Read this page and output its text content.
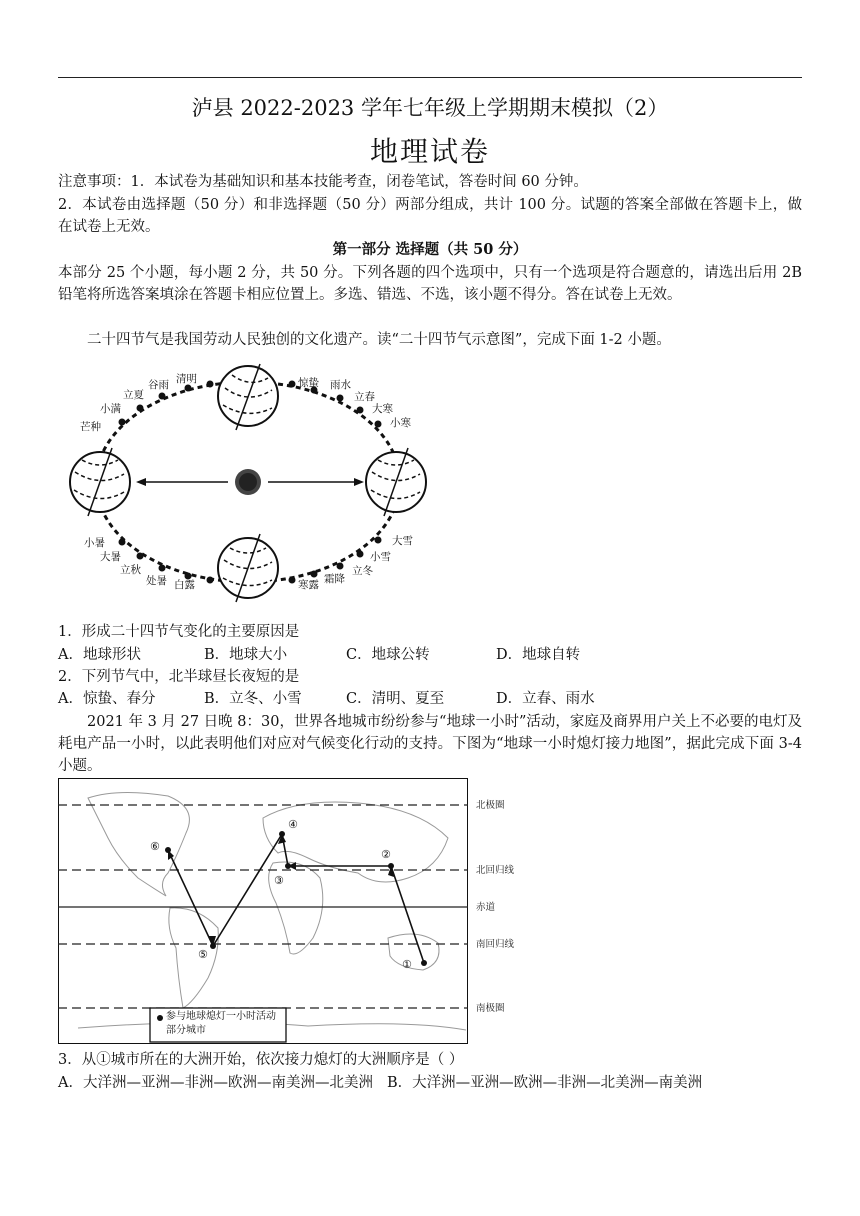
泸县 2022-2023 学年七年级上学期期末模拟（2）
地理试卷
注意事项：1．本试卷为基础知识和基本技能考查，闭卷笔试，答卷时间 60 分钟。
2．本试卷由选择题（50 分）和非选择题（50 分）两部分组成，共计 100 分。试题的答案全部做在答题卡上，做在试卷上无效。
第一部分 选择题（共 50 分）
本部分 25 个小题，每小题 2 分，共 50 分。下列各题的四个选项中，只有一个选项是符合题意的，请选出后用 2B 铅笔将所选答案填涂在答题卡相应位置上。多选、错选、不选，该小题不得分。答在试卷上无效。
二十四节气是我国劳动人民独创的文化遗产。读“二十四节气示意图”，完成下面 1-2 小题。
芒种
小满
立夏
谷雨 清明	惊蛰 雨水
立春
大寒
小寒
小暑
大暑
立秋
处暑 白露
大雪
小雪
立冬
霜降
寒露
1．形成二十四节气变化的主要原因是
A．地球形状	B．地球大小	C．地球公转	D．地球自转
2．下列节气中，北半球昼长夜短的是
A．惊蛰、春分	B．立冬、小雪	C．清明、夏至	D．立春、雨水
2021 年 3 月 27 日晚 8：30，世界各地城市纷纷参与“地球一小时”活动，家庭及商界用户关上不必要的电灯及耗电产品一小时，以此表明他们对应对气候变化行动的支持。下图为“地球一小时熄灯接力地图”，据此完成下面 3-4 小题。
北极圈
北回归线
赤道
南回归线
南极圈
①
②
③
④
⑤
⑥
参与地球熄灯一小时活动部分城市
3．从①城市所在的大洲开始，依次接力熄灯的大洲顺序是（ ）
A．大洋洲—亚洲—非洲—欧洲—南美洲—北美洲 B．大洋洲—亚洲—欧洲—非洲—北美洲—南美洲
